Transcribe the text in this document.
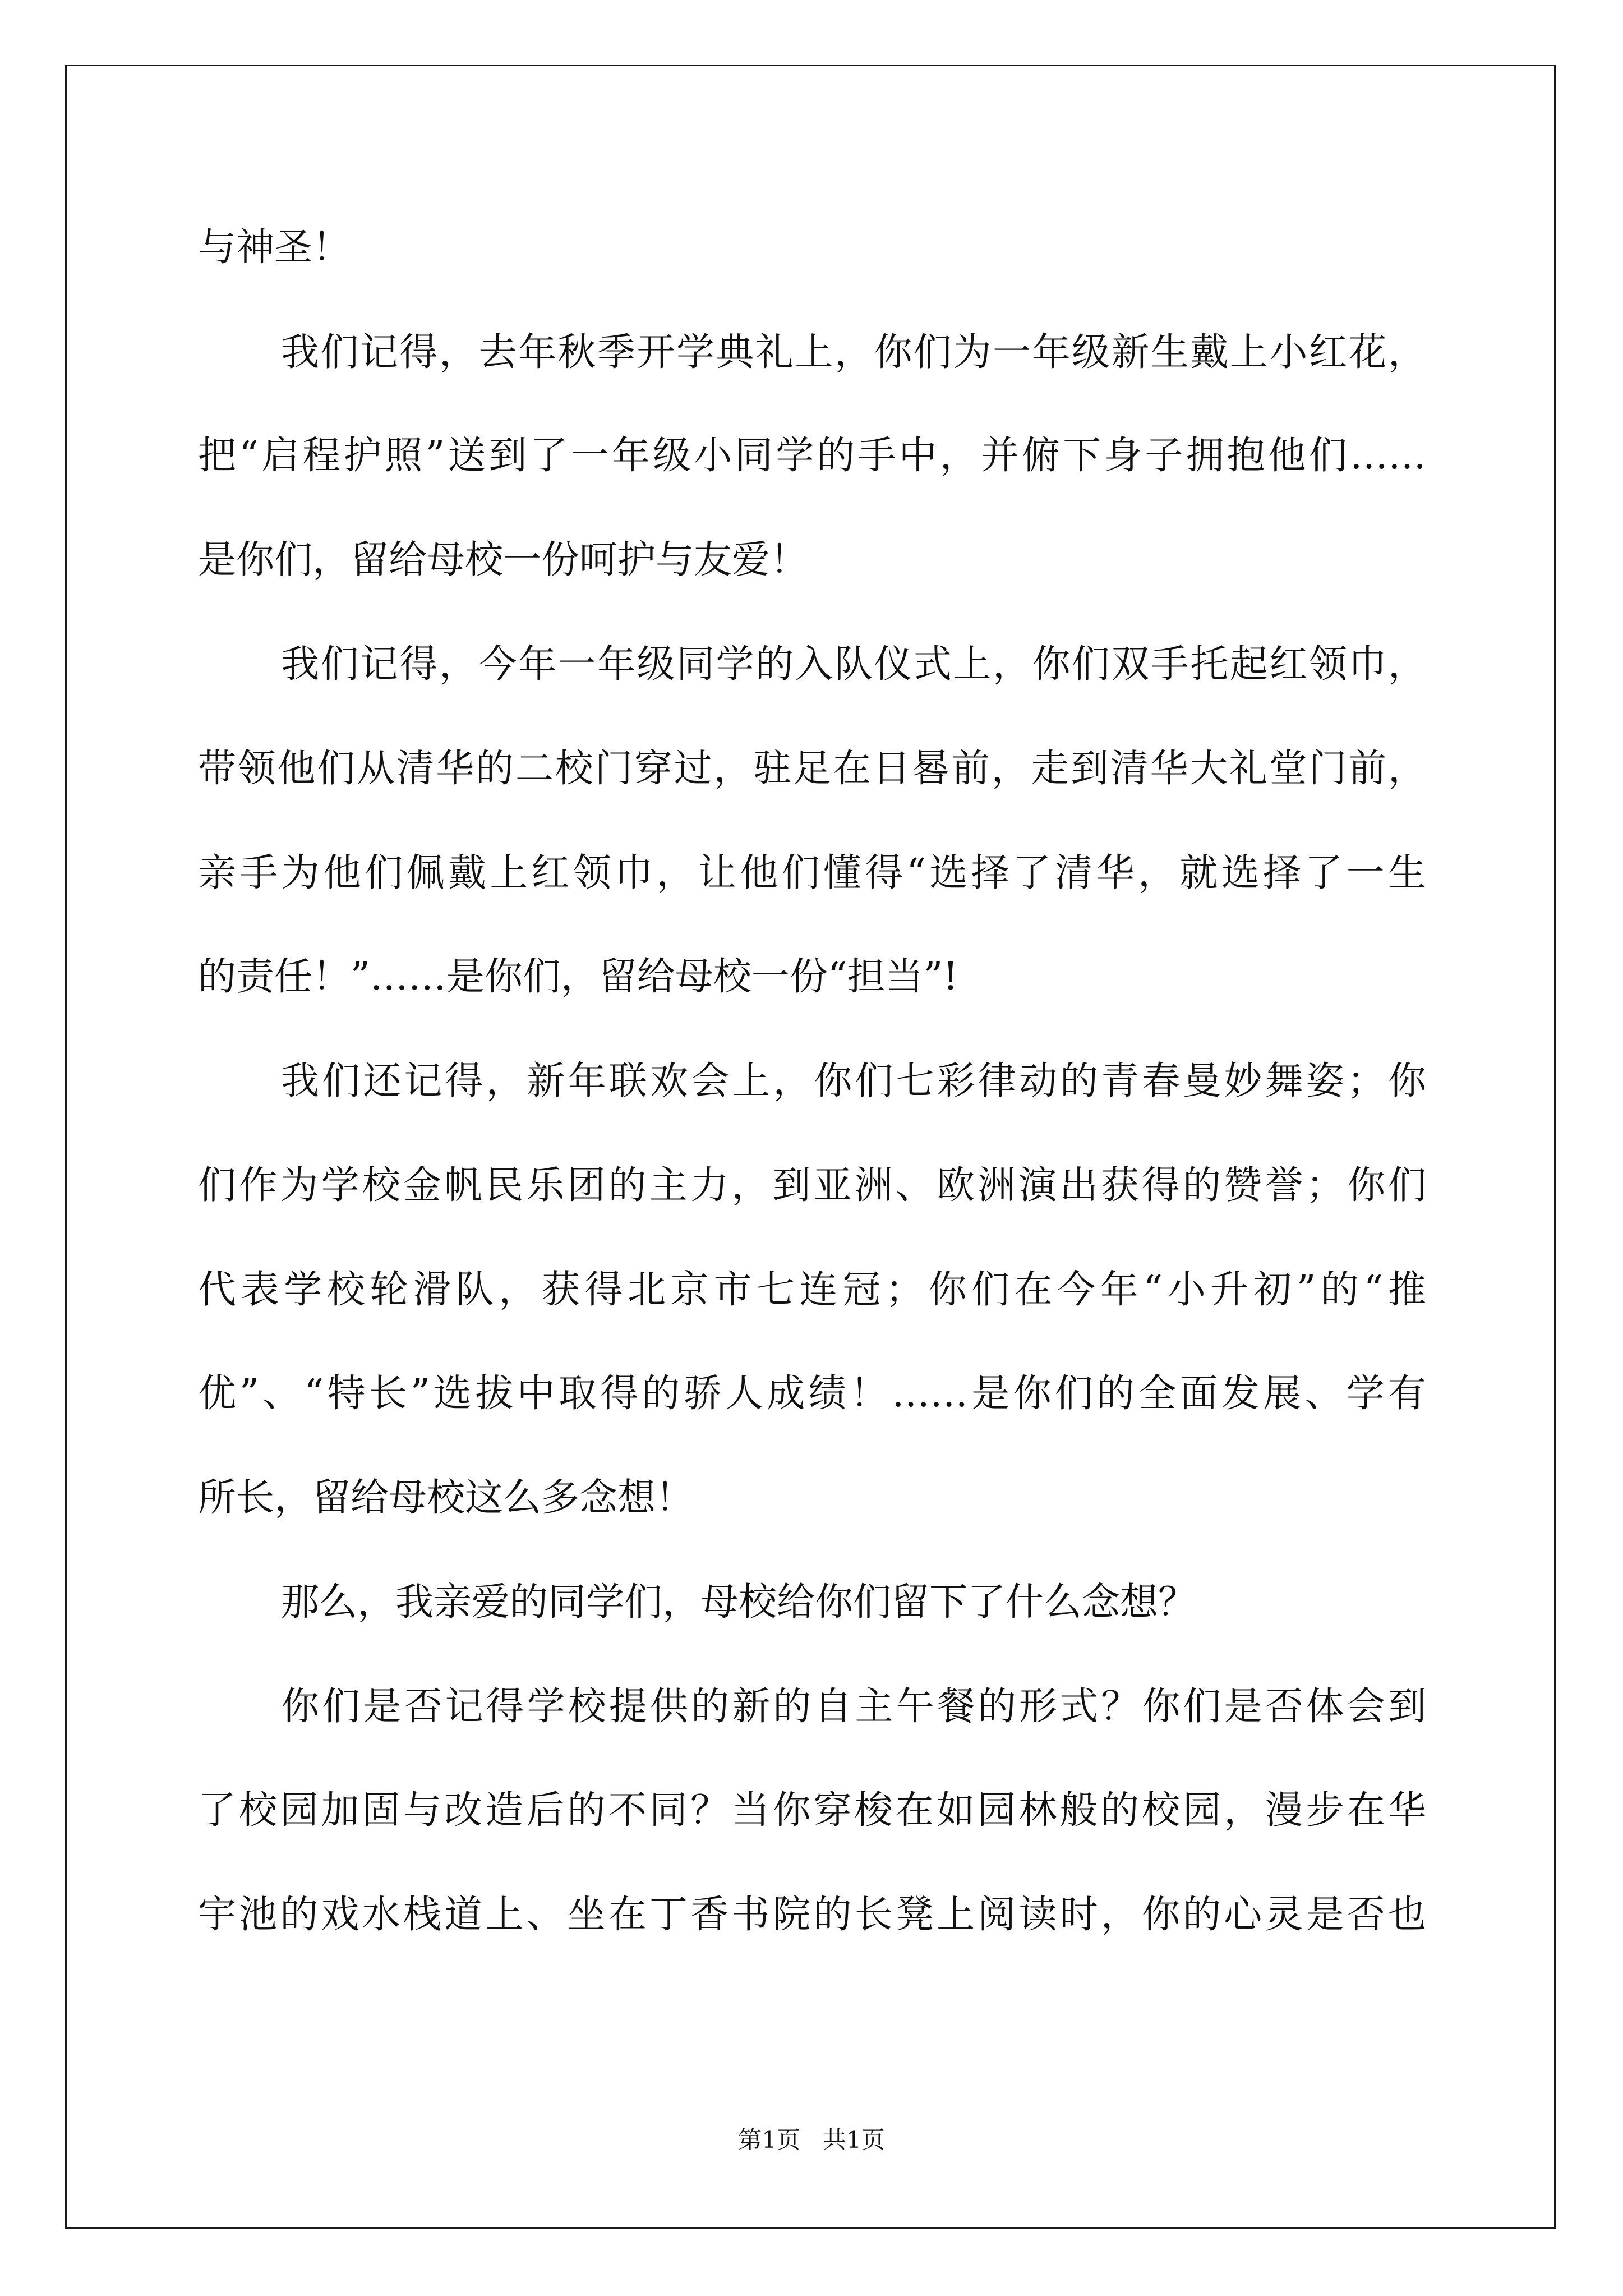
与神圣！
我们记得，去年秋季开学典礼上，你们为一年级新生戴上小红花，
把“启程护照”送到了一年级小同学的手中，并俯下身子拥抱他们……
是你们，留给母校一份呵护与友爱！
我们记得，今年一年级同学的入队仪式上，你们双手托起红领巾，
带领他们从清华的二校门穿过，驻足在日晷前，走到清华大礼堂门前，
亲手为他们佩戴上红领巾，让他们懂得“选择了清华，就选择了一生
的责任！”……是你们，留给母校一份“担当”!
我们还记得，新年联欢会上，你们七彩律动的青春曼妙舞姿；你
们作为学校金帆民乐团的主力，到亚洲、欧洲演出获得的赞誉；你们
代表学校轮滑队，获得北京市七连冠；你们在今年“小升初”的“推
优”、“特长”选拔中取得的骄人成绩！……是你们的全面发展、学有
所长，留给母校这么多念想！
那么，我亲爱的同学们，母校给你们留下了什么念想？
你们是否记得学校提供的新的自主午餐的形式？你们是否体会到
了校园加固与改造后的不同？当你穿梭在如园林般的校园，漫步在华
宇池的戏水栈道上、坐在丁香书院的长凳上阅读时，你的心灵是否也
第1页   共1页
